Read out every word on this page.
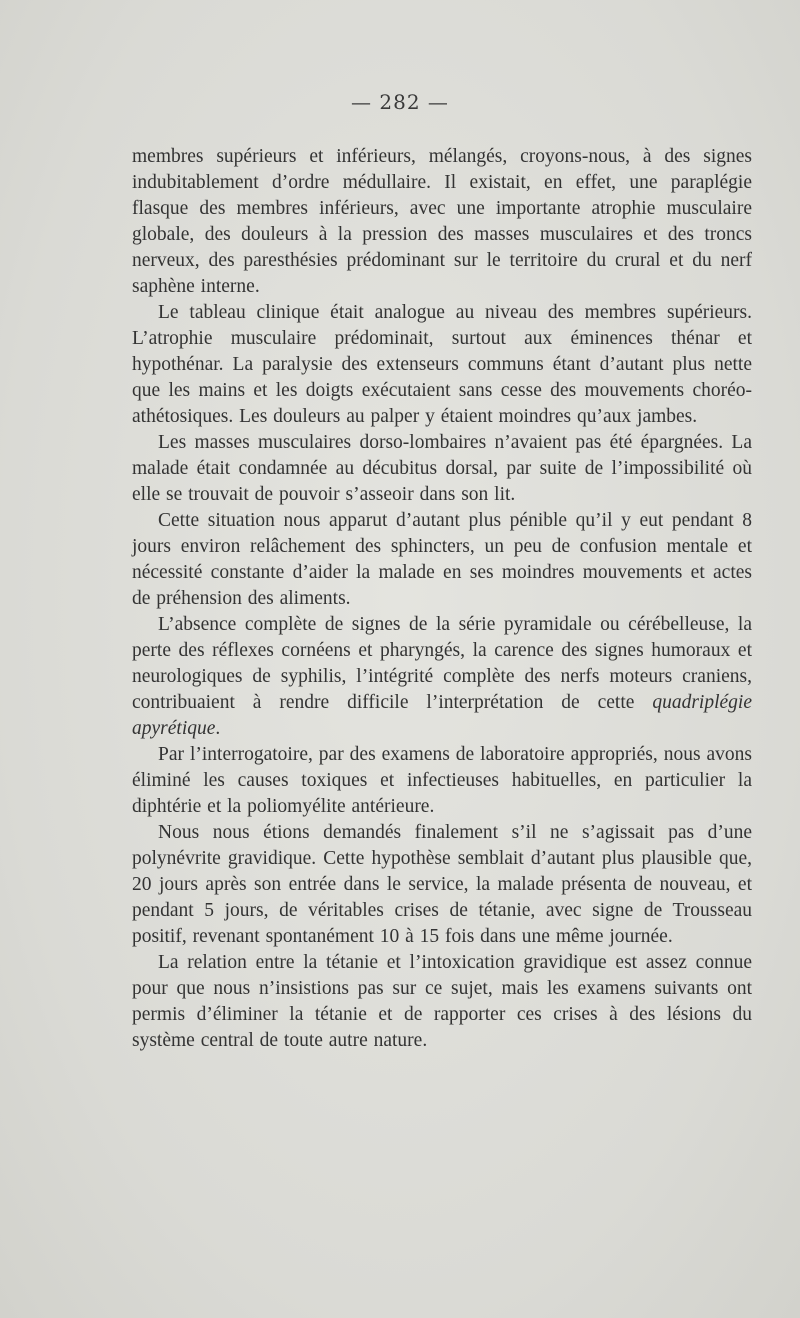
— 282 —

membres supérieurs et inférieurs, mélangés, croyons-nous, à des signes indubitablement d’ordre médullaire. Il existait, en effet, une paraplégie flasque des membres inférieurs, avec une importante atrophie musculaire globale, des douleurs à la pression des masses musculaires et des troncs nerveux, des paresthésies prédominant sur le territoire du crural et du nerf saphène interne.

Le tableau clinique était analogue au niveau des membres supérieurs. L’atrophie musculaire prédominait, surtout aux éminences thénar et hypothénar. La paralysie des extenseurs communs étant d’autant plus nette que les mains et les doigts exécutaient sans cesse des mouvements choréo-athétosiques. Les douleurs au palper y étaient moindres qu’aux jambes.

Les masses musculaires dorso-lombaires n’avaient pas été épargnées. La malade était condamnée au décubitus dorsal, par suite de l’impossibilité où elle se trouvait de pouvoir s’asseoir dans son lit.

Cette situation nous apparut d’autant plus pénible qu’il y eut pendant 8 jours environ relâchement des sphincters, un peu de confusion mentale et nécessité constante d’aider la malade en ses moindres mouvements et actes de préhension des aliments.

L’absence complète de signes de la série pyramidale ou cérébelleuse, la perte des réflexes cornéens et pharyngés, la carence des signes humoraux et neurologiques de syphilis, l’intégrité complète des nerfs moteurs craniens, contribuaient à rendre difficile l’interprétation de cette quadriplégie apyrétique.

Par l’interrogatoire, par des examens de laboratoire appropriés, nous avons éliminé les causes toxiques et infectieuses habituelles, en particulier la diphtérie et la poliomyélite antérieure.

Nous nous étions demandés finalement s’il ne s’agissait pas d’une polynévrite gravidique. Cette hypothèse semblait d’autant plus plausible que, 20 jours après son entrée dans le service, la malade présenta de nouveau, et pendant 5 jours, de véritables crises de tétanie, avec signe de Trousseau positif, revenant spontanément 10 à 15 fois dans une même journée.

La relation entre la tétanie et l’intoxication gravidique est assez connue pour que nous n’insistions pas sur ce sujet, mais les examens suivants ont permis d’éliminer la tétanie et de rapporter ces crises à des lésions du système central de toute autre nature.
